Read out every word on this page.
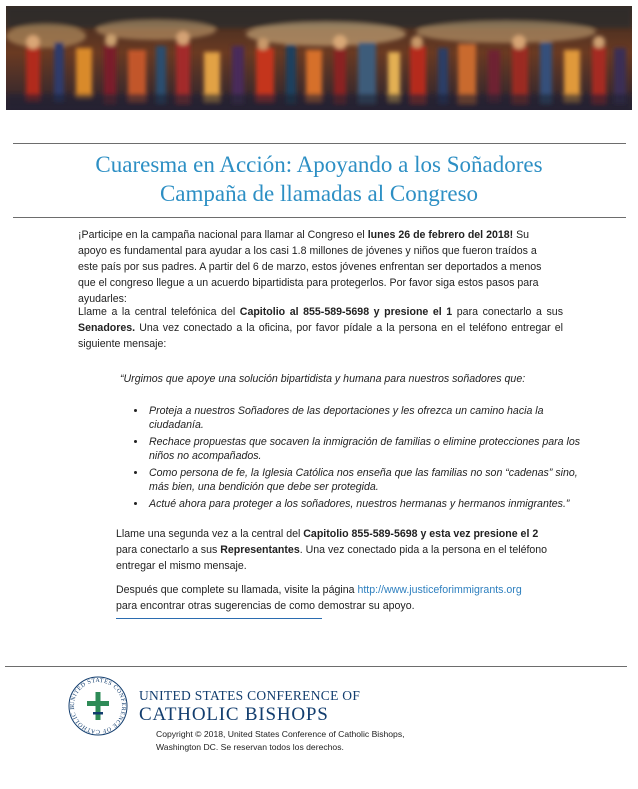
Cuaresma en Acción: Apoyando a los Soñadores
Campaña de llamadas al Congreso
¡Participe en la campaña nacional para llamar al Congreso el lunes 26 de febrero del 2018! Su apoyo es fundamental para ayudar a los casi 1.8 millones de jóvenes y niños que fueron traídos a este país por sus padres. A partir del 6 de marzo, estos jóvenes enfrentan ser deportados a menos que el congreso llegue a un acuerdo bipartidista para protegerlos. Por favor siga estos pasos para ayudarles:
Llame a la central telefónica del Capitolio al 855-589-5698 y presione el 1 para conectarlo a sus Senadores. Una vez conectado a la oficina, por favor pídale a la persona en el teléfono entregar el siguiente mensaje:
“Urgimos que apoye una solución bipartidista y humana para nuestros soñadores que:
• Proteja a nuestros Soñadores de las deportaciones y les ofrezca un camino hacia la ciudadanía.
• Rechace propuestas que socaven la inmigración de familias o elimine protecciones para los niños no acompañados.
• Como persona de fe, la Iglesia Católica nos enseña que las familias no son “cadenas” sino, más bien, una bendición que debe ser protegida.
• Actué ahora para proteger a los soñadores, nuestros hermanas y hermanos inmigrantes.”
Llame una segunda vez a la central del Capitolio 855-589-5698 y esta vez presione el 2 para conectarlo a sus Representantes. Una vez conectado pida a la persona en el teléfono entregar el mismo mensaje.
Después que complete su llamada, visite la página http://www.justiceforimmigrants.org
para encontrar otras sugerencias de como demostrar su apoyo.
UNITED STATES CONFERENCE OF CATHOLIC B
UNITED STATES CONFERENCE OF
CATHOLIC BISHOPS
Copyright © 2018, United States Conference of Catholic Bishops,
Washington DC. Se reservan todos los derechos.
